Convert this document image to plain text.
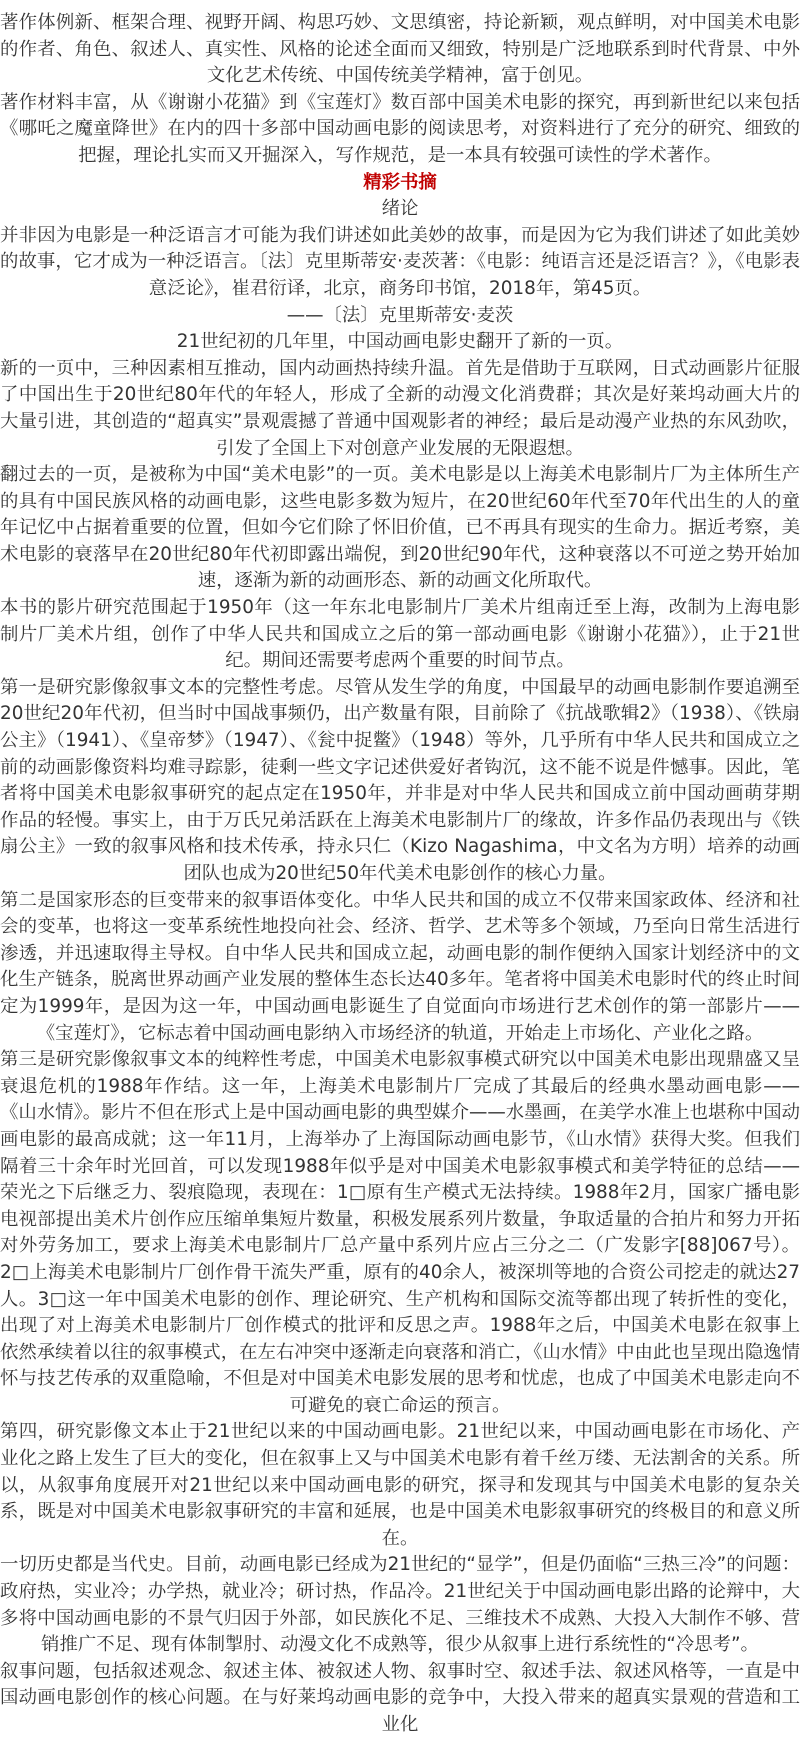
著作体例新、框架合理、视野开阔、构思巧妙、文思缜密，持论新颖，观点鲜明，对中国美术电影的作者、角色、叙述人、真实性、风格的论述全面而又细致，特别是广泛地联系到时代背景、中外文化艺术传统、中国传统美学精神，富于创见。

著作材料丰富，从《谢谢小花猫》到《宝莲灯》数百部中国美术电影的探究，再到新世纪以来包括《哪吒之魔童降世》在内的四十多部中国动画电影的阅读思考，对资料进行了充分的研究、细致的把握，理论扎实而又开掘深入，写作规范，是一本具有较强可读性的学术著作。

精彩书摘

绪论

并非因为电影是一种泛语言才可能为我们讲述如此美妙的故事，而是因为它为我们讲述了如此美妙的故事，它才成为一种泛语言。〔法〕克里斯蒂安·麦茨著：《电影：纯语言还是泛语言？》，《电影表意泛论》，崔君衍译，北京，商务印书馆，2018年，第45页。

——〔法〕克里斯蒂安·麦茨

21世纪初的几年里，中国动画电影史翻开了新的一页。

新的一页中，三种因素相互推动，国内动画热持续升温。首先是借助于互联网，日式动画影片征服了中国出生于20世纪80年代的年轻人，形成了全新的动漫文化消费群；其次是好莱坞动画大片的大量引进，其创造的“超真实”景观震撼了普通中国观影者的神经；最后是动漫产业热的东风劲吹，引发了全国上下对创意产业发展的无限遐想。

翻过去的一页，是被称为中国“美术电影”的一页。美术电影是以上海美术电影制片厂为主体所生产的具有中国民族风格的动画电影，这些电影多数为短片，在20世纪60年代至70年代出生的人的童年记忆中占据着重要的位置，但如今它们除了怀旧价值，已不再具有现实的生命力。据近考察，美术电影的衰落早在20世纪80年代初即露出端倪，到20世纪90年代，这种衰落以不可逆之势开始加速，逐渐为新的动画形态、新的动画文化所取代。

本书的影片研究范围起于1950年（这一年东北电影制片厂美术片组南迁至上海，改制为上海电影制片厂美术片组，创作了中华人民共和国成立之后的第一部动画电影《谢谢小花猫》），止于21世纪。期间还需要考虑两个重要的时间节点。

第一是研究影像叙事文本的完整性考虑。尽管从发生学的角度，中国最早的动画电影制作要追溯至20世纪20年代初，但当时中国战事频仍，出产数量有限，目前除了《抗战歌辑2》（1938）、《铁扇公主》（1941）、《皇帝梦》（1947）、《瓮中捉鳖》（1948）等外，几乎所有中华人民共和国成立之前的动画影像资料均难寻踪影，徒剩一些文字记述供爱好者钩沉，这不能不说是件憾事。因此，笔者将中国美术电影叙事研究的起点定在1950年，并非是对中华人民共和国成立前中国动画萌芽期作品的轻慢。事实上，由于万氏兄弟活跃在上海美术电影制片厂的缘故，许多作品仍表现出与《铁扇公主》一致的叙事风格和技术传承，持永只仁（Kizo Nagashima，中文名为方明）培养的动画团队也成为20世纪50年代美术电影创作的核心力量。

第二是国家形态的巨变带来的叙事语体变化。中华人民共和国的成立不仅带来国家政体、经济和社会的变革，也将这一变革系统性地投向社会、经济、哲学、艺术等多个领域，乃至向日常生活进行渗透，并迅速取得主导权。自中华人民共和国成立起，动画电影的制作便纳入国家计划经济中的文化生产链条，脱离世界动画产业发展的整体生态长达40多年。笔者将中国美术电影时代的终止时间定为1999年，是因为这一年，中国动画电影诞生了自觉面向市场进行艺术创作的第一部影片——《宝莲灯》，它标志着中国动画电影纳入市场经济的轨道，开始走上市场化、产业化之路。

第三是研究影像叙事文本的纯粹性考虑，中国美术电影叙事模式研究以中国美术电影出现鼎盛又呈衰退危机的1988年作结。这一年，上海美术电影制片厂完成了其最后的经典水墨动画电影——《山水情》。影片不但在形式上是中国动画电影的典型媒介——水墨画，在美学水准上也堪称中国动画电影的最高成就；这一年11月，上海举办了上海国际动画电影节，《山水情》获得大奖。但我们隔着三十余年时光回首，可以发现1988年似乎是对中国美术电影叙事模式和美学特征的总结——荣光之下后继乏力、裂痕隐现，表现在：1□原有生产模式无法持续。1988年2月，国家广播电影电视部提出美术片创作应压缩单集短片数量，积极发展系列片数量，争取适量的合拍片和努力开拓对外劳务加工，要求上海美术电影制片厂总产量中系列片应占三分之二（广发影字[88]067号）。2□上海美术电影制片厂创作骨干流失严重，原有的40余人，被深圳等地的合资公司挖走的就达27人。3□这一年中国美术电影的创作、理论研究、生产机构和国际交流等都出现了转折性的变化，出现了对上海美术电影制片厂创作模式的批评和反思之声。1988年之后，中国美术电影在叙事上依然承续着以往的叙事模式，在左右冲突中逐渐走向衰落和消亡，《山水情》中由此也呈现出隐逸情怀与技艺传承的双重隐喻，不但是对中国美术电影发展的思考和忧虑，也成了中国美术电影走向不可避免的衰亡命运的预言。

第四，研究影像文本止于21世纪以来的中国动画电影。21世纪以来，中国动画电影在市场化、产业化之路上发生了巨大的变化，但在叙事上又与中国美术电影有着千丝万缕、无法割舍的关系。所以，从叙事角度展开对21世纪以来中国动画电影的研究，探寻和发现其与中国美术电影的复杂关系，既是对中国美术电影叙事研究的丰富和延展，也是中国美术电影叙事研究的终极目的和意义所在。

一切历史都是当代史。目前，动画电影已经成为21世纪的“显学”，但是仍面临“三热三冷”的问题：政府热，实业冷；办学热，就业冷；研讨热，作品冷。21世纪关于中国动画电影出路的论辩中，大多将中国动画电影的不景气归因于外部，如民族化不足、三维技术不成熟、大投入大制作不够、营销推广不足、现有体制掣肘、动漫文化不成熟等，很少从叙事上进行系统性的“冷思考”。

叙事问题，包括叙述观念、叙述主体、被叙述人物、叙事时空、叙述手法、叙述风格等，一直是中国动画电影创作的核心问题。在与好莱坞动画电影的竞争中，大投入带来的超真实景观的营造和工业化
